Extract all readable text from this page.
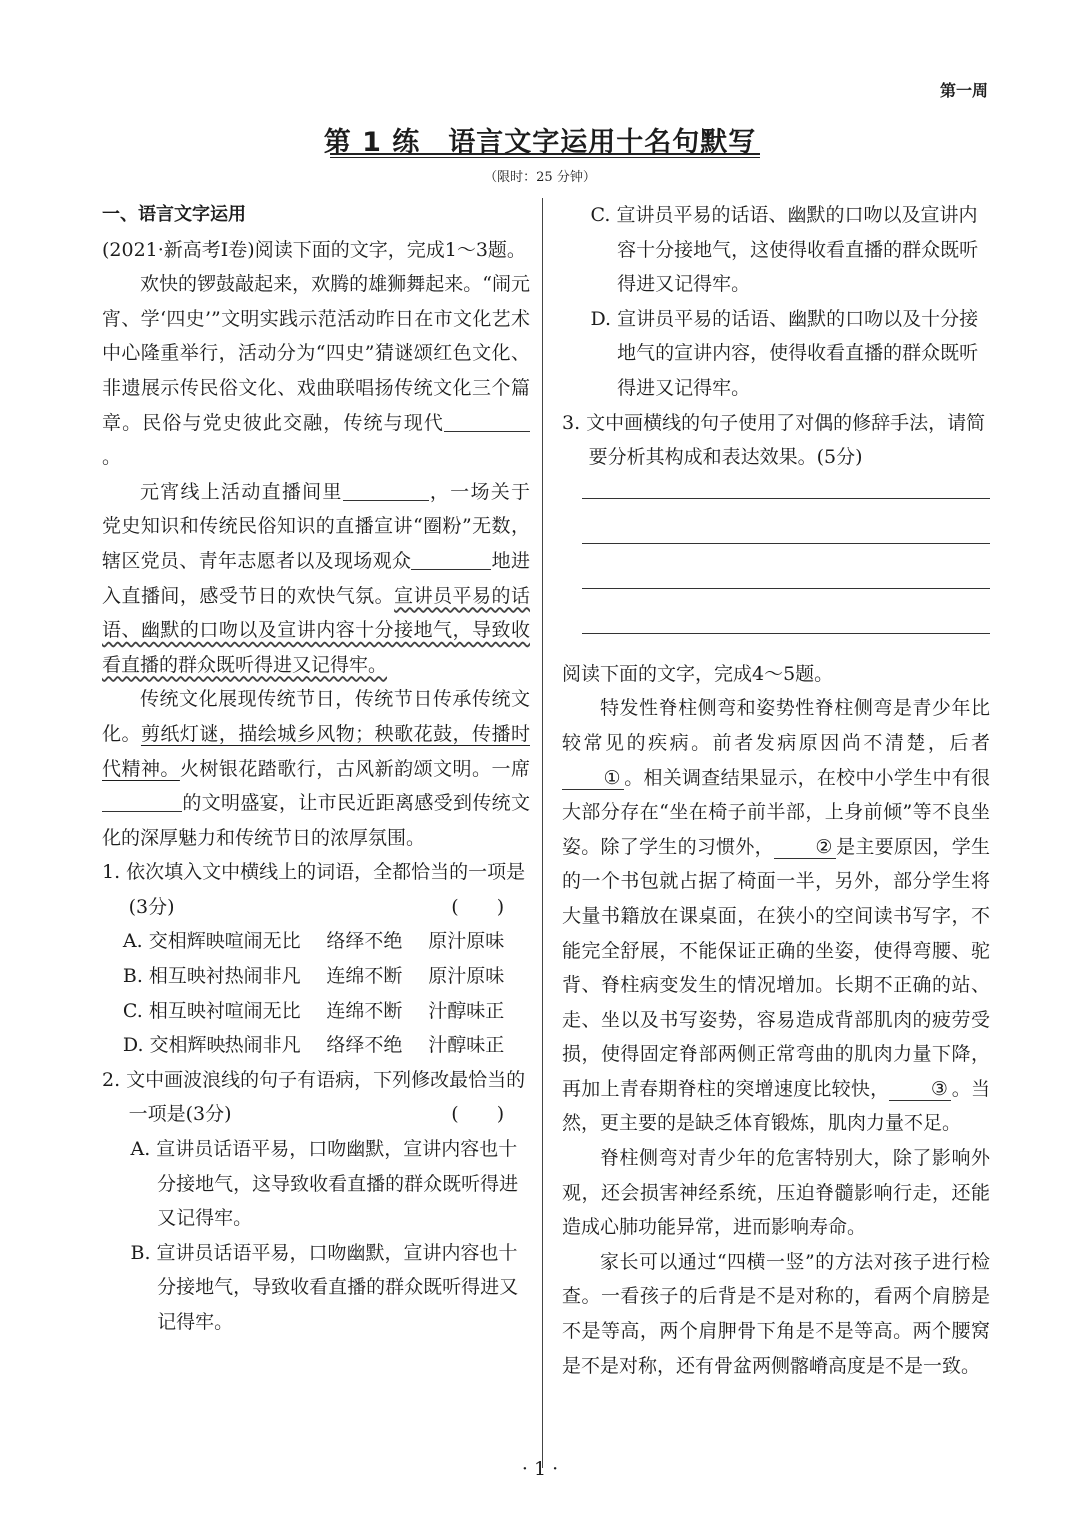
第一周
第 1 练　语言文字运用十名句默写
（限时：25 分钟）

一、语言文字运用

(2021·新高考Ⅰ卷)阅读下面的文字，完成1～3题。

欢快的锣鼓敲起来，欢腾的雄狮舞起来。“闹元宵、学‘四史’”文明实践示范活动昨日在市文化艺术中心隆重举行，活动分为“四史”猜谜颂红色文化、非遗展示传民俗文化、戏曲联唱扬传统文化三个篇章。民俗与党史彼此交融，传统与现代。

元宵线上活动直播间里	，一场关于党史知识和传统民俗知识的直播宣讲“圈粉”无数，辖区党员、青年志愿者以及现场观众	地进入直播间，感受节日的欢快气氛。宣讲员平易的话语、幽默的口吻以及宣讲内容十分接地气，导致收看直播的群众既听得进又记得牢。

传统文化展现传统节日，传统节日传承传统文化。剪纸灯谜，描绘城乡风物；秧歌花鼓，传播时代精神。火树银花踏歌行，古风新韵颂文明。一席的文明盛宴，让市民近距离感受到传统文化的深厚魅力和传统节日的浓厚氛围。

1. 依次填入文中横线上的词语，全都恰当的一项是(3分)	(　　)

A. 交相辉映 喧闹无比	络绎不绝	原汁原味
B. 相互映衬 热闹非凡	连绵不断	原汁原味
C. 相互映衬 喧闹无比	连绵不断	汁醇味正
D. 交相辉映 热闹非凡	络绎不绝	汁醇味正

2. 文中画波浪线的句子有语病，下列修改最恰当的一项是(3分)	(　　)

A. 宣讲员话语平易，口吻幽默，宣讲内容也十分接地气，这导致收看直播的群众既听得进又记得牢。

B. 宣讲员话语平易，口吻幽默，宣讲内容也十分接地气，导致收看直播的群众既听得进又记得牢。

C. 宣讲员平易的话语、幽默的口吻以及宣讲内容十分接地气，这使得收看直播的群众既听得进又记得牢。

D. 宣讲员平易的话语、幽默的口吻以及十分接地气的宣讲内容，使得收看直播的群众既听得进又记得牢。

3. 文中画横线的句子使用了对偶的修辞手法，请简要分析其构成和表达效果。(5分)

阅读下面的文字，完成4～5题。

特发性脊柱侧弯和姿势性脊柱侧弯是青少年比较常见的疾病。前者发病原因尚不清楚，后者① 。相关调查结果显示，在校中小学生中有很大部分存在“坐在椅子前半部，上身前倾”等不良坐姿。除了学生的习惯外， ② 是主要原因，学生的一个书包就占据了椅面一半，另外，部分学生将大量书籍放在课桌面，在狭小的空间读书写字，不能完全舒展，不能保证正确的坐姿，使得弯腰、驼背、脊柱病变发生的情况增加。长期不正确的站、走、坐以及书写姿势，容易造成背部肌肉的疲劳受损，使得固定脊部两侧正常弯曲的肌肉力量下降，再加上青春期脊柱的突增速度比较快， ③ 。当然，更主要的是缺乏体育锻炼，肌肉力量不足。

脊柱侧弯对青少年的危害特别大，除了影响外观，还会损害神经系统，压迫脊髓影响行走，还能造成心肺功能异常，进而影响寿命。

家长可以通过“四横一竖”的方法对孩子进行检查。一看孩子的后背是不是对称的，看两个肩膀是不是等高，两个肩胛骨下角是不是等高。两个腰窝是不是对称，还有骨盆两侧髂嵴高度是不是一致。

· 1 ·
